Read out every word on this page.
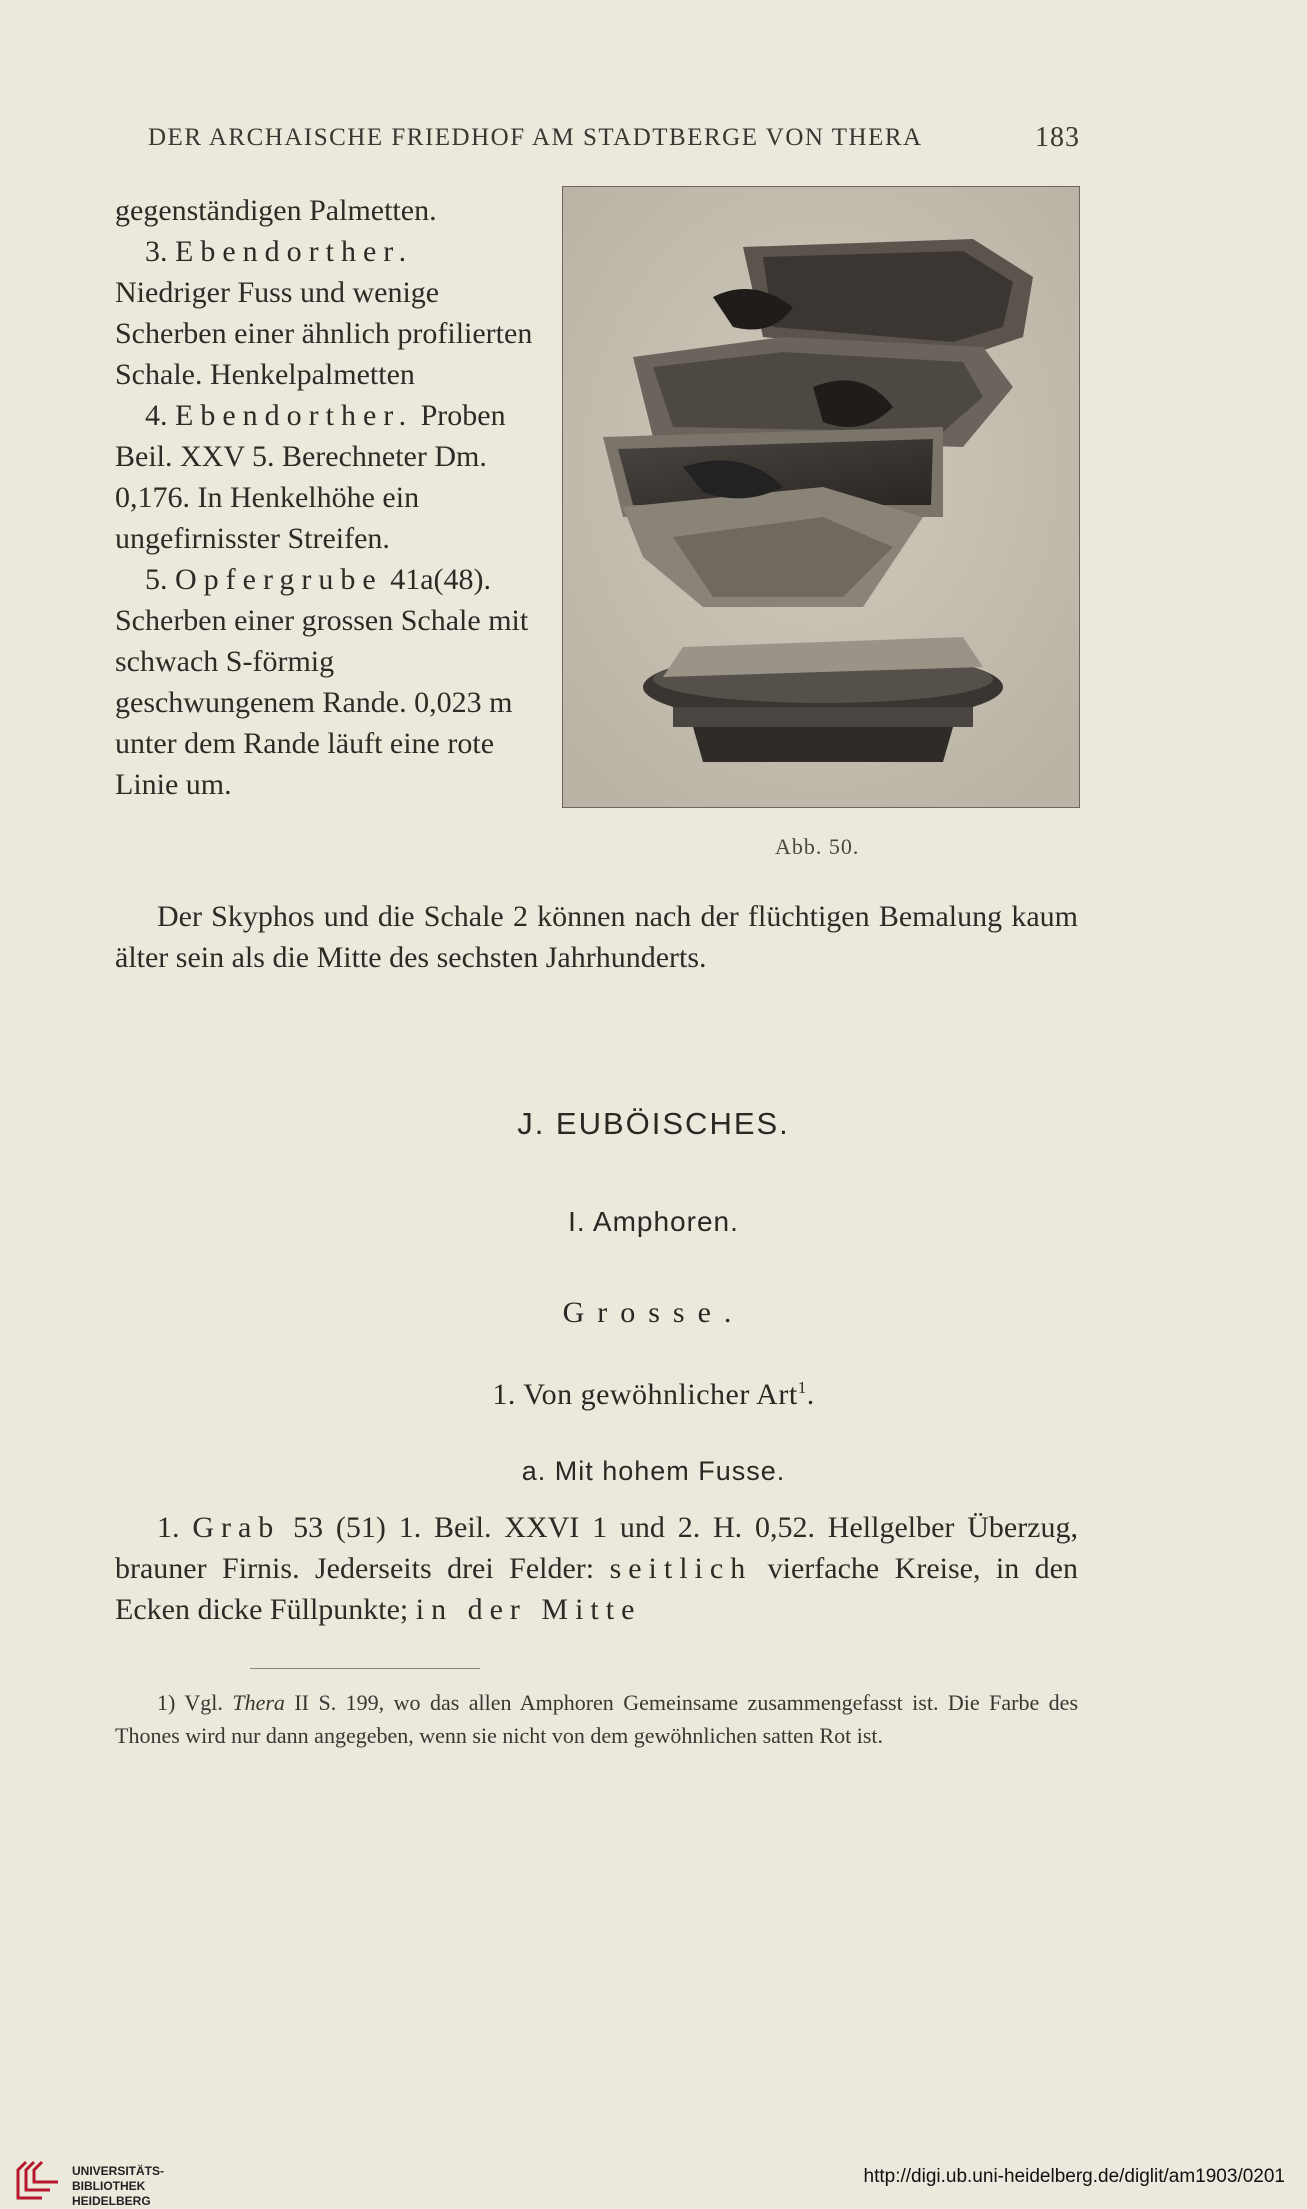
DER ARCHAISCHE FRIEDHOF AM STADTBERGE VON THERA	183

gegenständigen Palmetten.

3. Ebendorther. Niedriger Fuss und wenige Scherben einer ähnlich profilierten Schale. Henkelpalmetten

4. Ebendorther. Proben Beil. XXV 5. Berechneter Dm. 0,176. In Henkelhöhe ein ungefirnisster Streifen.

5. Opfergrube 41a(48). Scherben einer grossen Schale mit schwach S-förmig geschwungenem Rande. 0,023 m unter dem Rande läuft eine rote Linie um.

Abb. 50.

Der Skyphos und die Schale 2 können nach der flüchtigen Bemalung kaum älter sein als die Mitte des sechsten Jahrhunderts.

J. EUBÖISCHES.
I. Amphoren.
Grosse.
1. Von gewöhnlicher Art$^1$.
a. Mit hohem Fusse.

1. Grab 53 (51) 1. Beil. XXVI 1 und 2. H. 0,52. Hellgelber Überzug, brauner Firnis. Jederseits drei Felder: seitlich vierfache Kreise, in den Ecken dicke Füllpunkte; in der Mitte

1) Vgl. Thera II S. 199, wo das allen Amphoren Gemeinsame zusammengefasst ist. Die Farbe des Thones wird nur dann angegeben, wenn sie nicht von dem gewöhnlichen satten Rot ist.

UNIVERSITÄTS-
BIBLIOTHEK
HEIDELBERG
http://digi.ub.uni-heidelberg.de/diglit/am1903/0201
